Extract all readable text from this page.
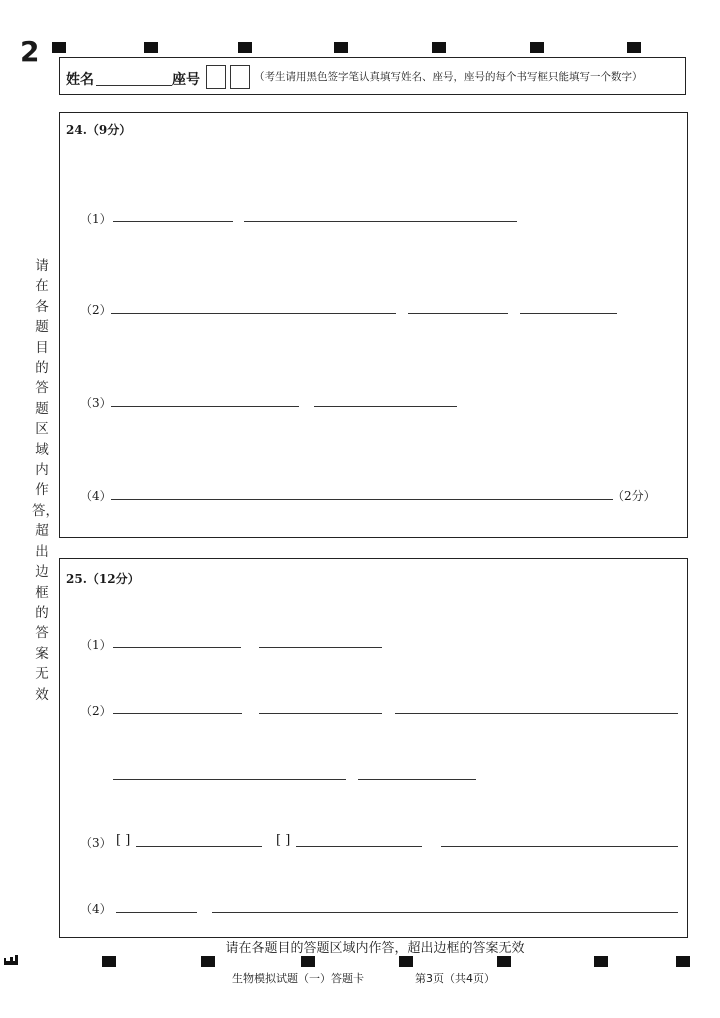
2
姓名	座号	（考生请用黑色签字笔认真填写姓名、座号，座号的每个书写框只能填写一个数字）
请在各题目的答题区域内作答，超出边框的答案无效
24.（9分）
（1）
（2）
（3）
（4）	（2分）
25.（12分）
（1）
（2）
（3） [ ]	[ ]
（4）
请在各题目的答题区域内作答，超出边框的答案无效
生物模拟试题（一）答题卡	第3页（共4页）
